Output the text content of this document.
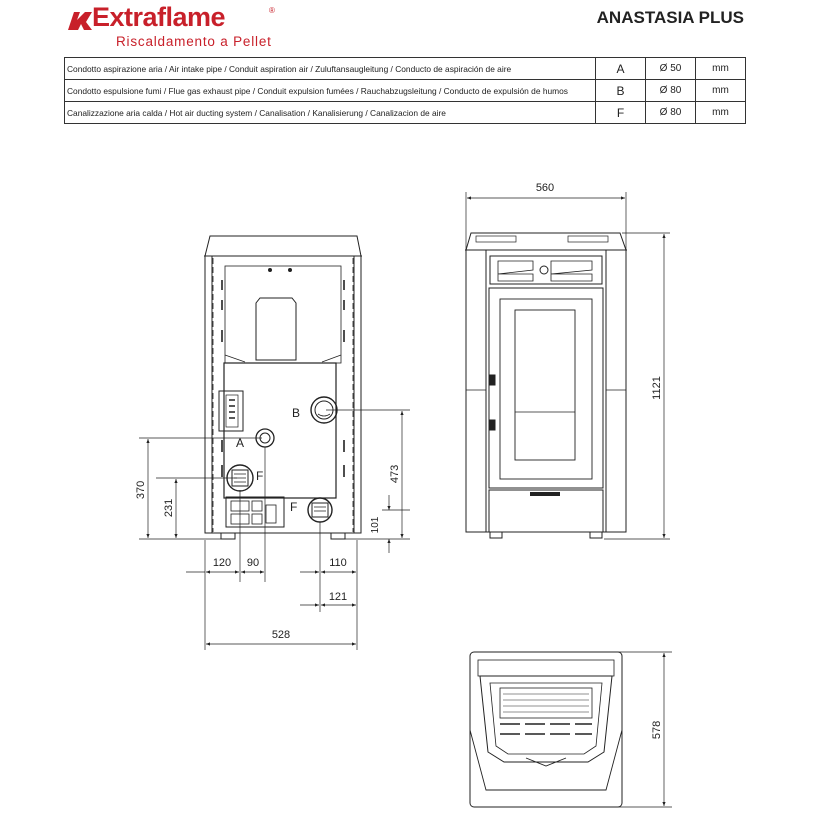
Extraflame	®
Riscaldamento a Pellet
ANASTASIA PLUS
Condotto aspirazione aria / Air intake pipe / Conduit aspiration air / Zuluftansaugleitung / Conducto de aspiración de aire	A	Ø 50	mm
Condotto espulsione fumi / Flue gas exhaust pipe / Conduit expulsion fumées / Rauchabzugsleitung / Conducto de expulsión de humos	B	Ø 80	mm
Canalizzazione aria calda / Hot air ducting system / Canalisation / Kanalisierung / Canalizacion de aire	F	Ø 80	mm
B
A
F
F
370
231
473
101
120 90	110
121
528
560
1121
578
